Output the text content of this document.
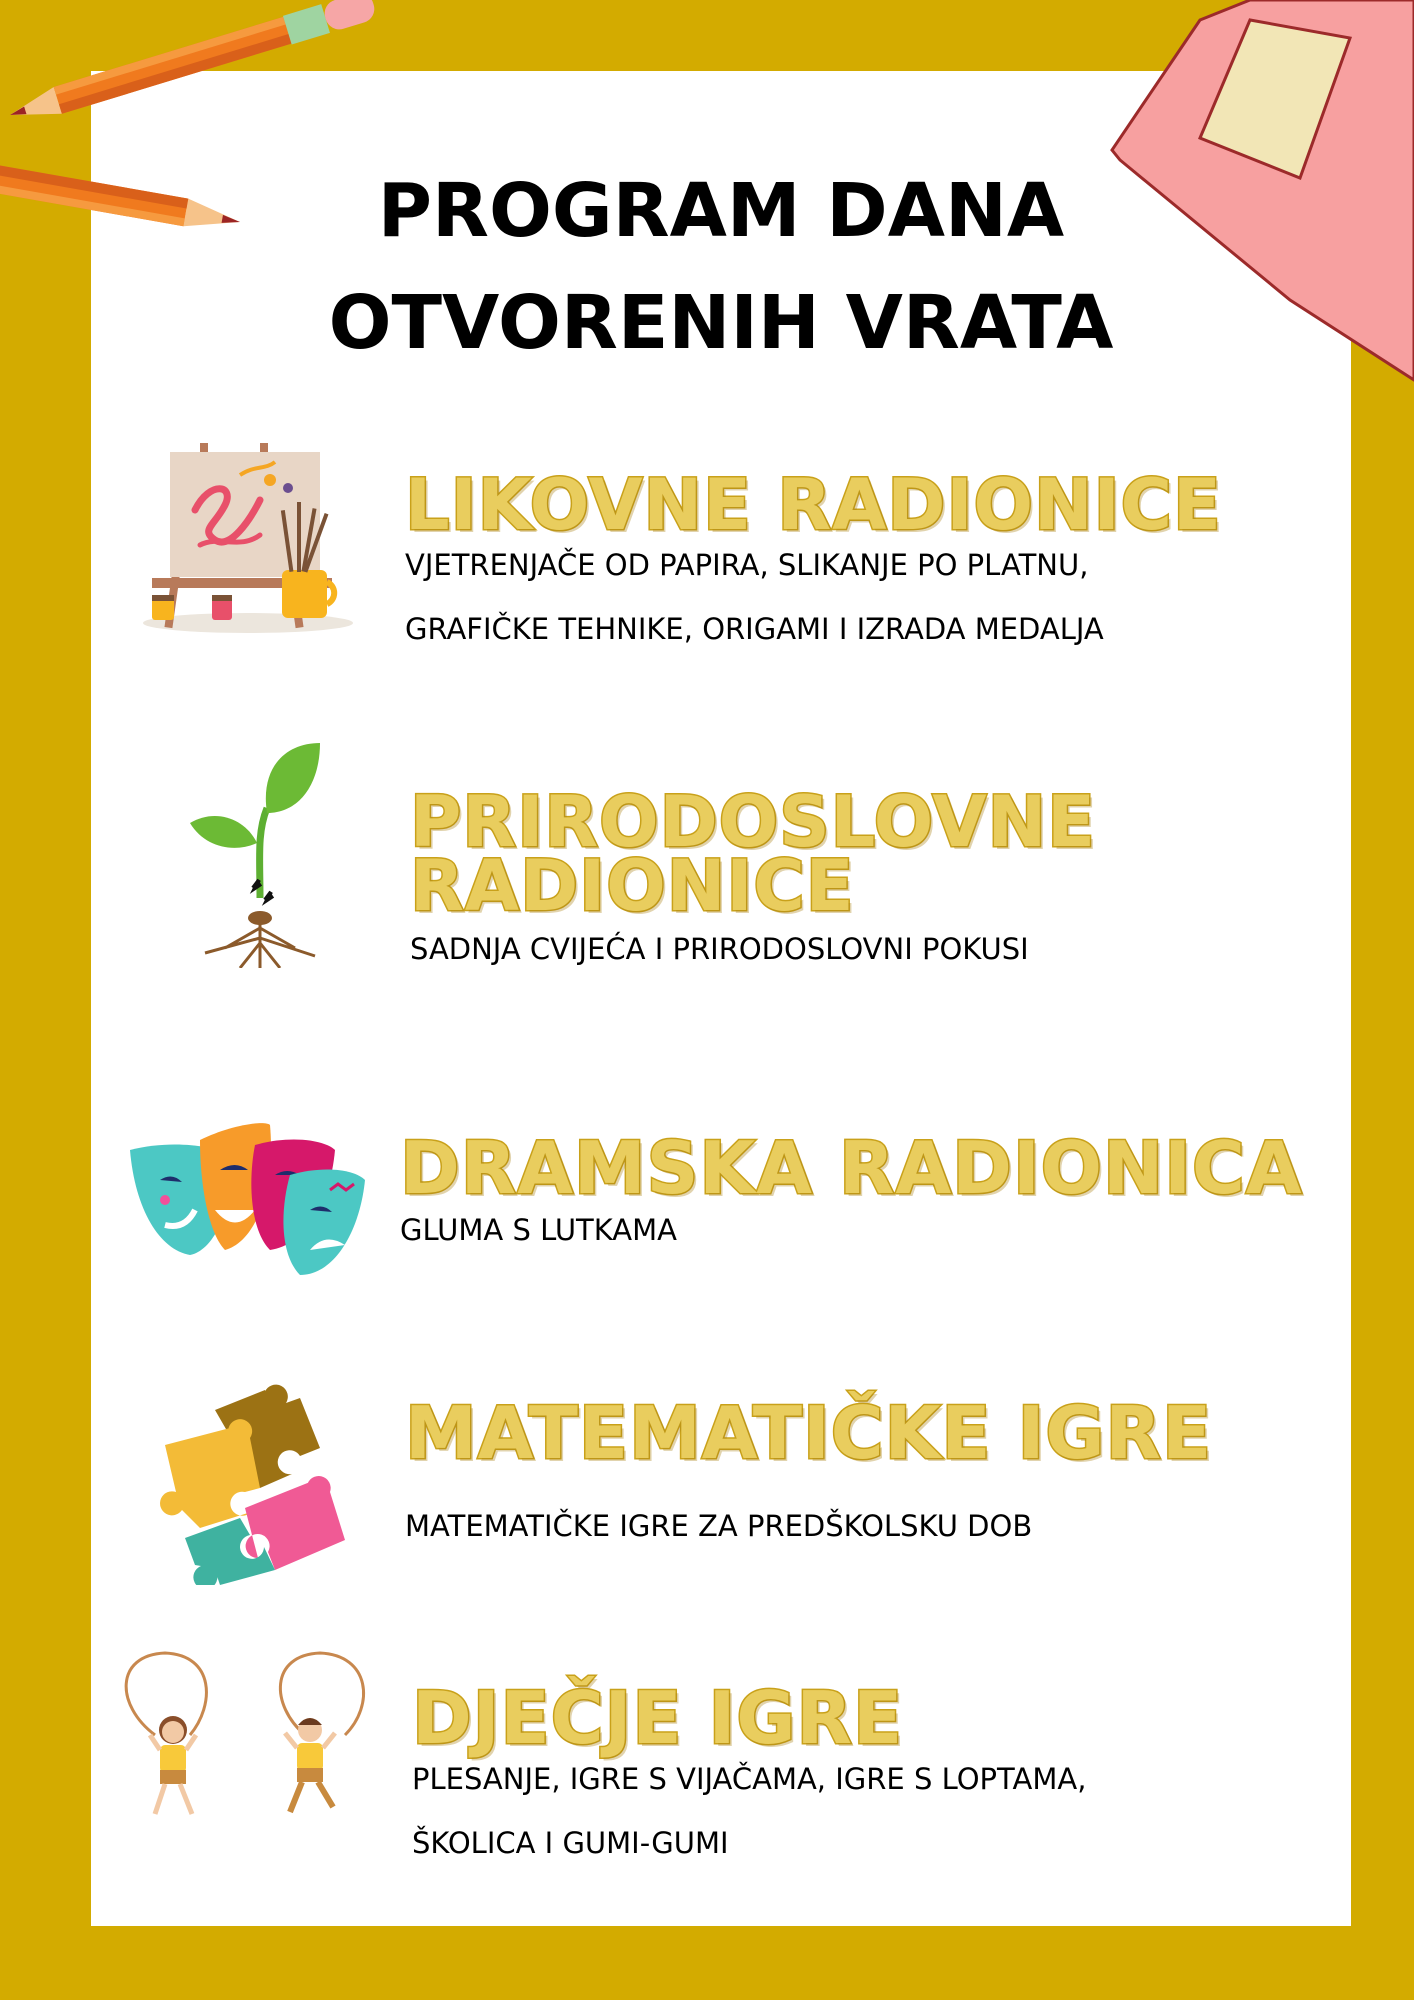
PROGRAM DANA
OTVORENIH VRATA
LIKOVNE RADIONICE

VJETRENJAČE OD PAPIRA, SLIKANJE PO PLATNU,

GRAFIČKE TEHNIKE, ORIGAMI I IZRADA MEDALJA

PRIRODOSLOVNE
RADIONICE

SADNJA CVIJEĆA I PRIRODOSLOVNI POKUSI

DRAMSKA RADIONICA

GLUMA S LUTKAMA

MATEMATIČKE IGRE

MATEMATIČKE IGRE ZA PREDŠKOLSKU DOB

DJEČJE IGRE

PLESANJE, IGRE S VIJAČAMA, IGRE S LOPTAMA,

ŠKOLICA I GUMI-GUMI
